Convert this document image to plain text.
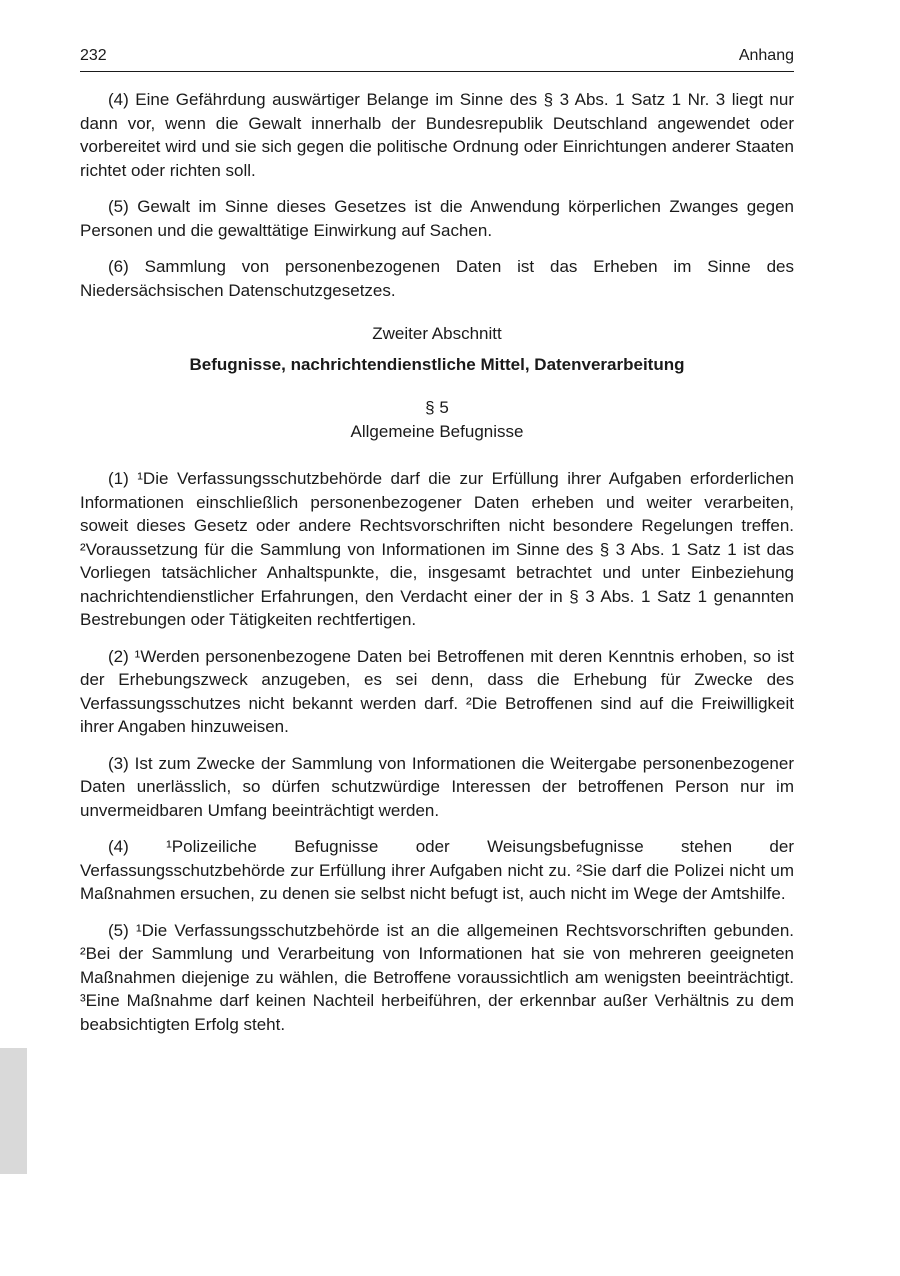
232	Anhang

(4) Eine Gefährdung auswärtiger Belange im Sinne des § 3 Abs. 1 Satz 1 Nr. 3 liegt nur dann vor, wenn die Gewalt innerhalb der Bundesrepublik Deutschland angewendet oder vorbereitet wird und sie sich gegen die politische Ordnung oder Einrichtungen anderer Staaten richtet oder richten soll.

(5) Gewalt im Sinne dieses Gesetzes ist die Anwendung körperlichen Zwanges gegen Personen und die gewalttätige Einwirkung auf Sachen.

(6) Sammlung von personenbezogenen Daten ist das Erheben im Sinne des Niedersächsischen Datenschutzgesetzes.

Zweiter Abschnitt

Befugnisse, nachrichtendienstliche Mittel, Datenverarbeitung

§ 5

Allgemeine Befugnisse

(1) ¹Die Verfassungsschutzbehörde darf die zur Erfüllung ihrer Aufgaben erforderlichen Informationen einschließlich personenbezogener Daten erheben und weiter verarbeiten, soweit dieses Gesetz oder andere Rechtsvorschriften nicht besondere Regelungen treffen. ²Voraussetzung für die Sammlung von Informationen im Sinne des § 3 Abs. 1 Satz 1 ist das Vorliegen tatsächlicher Anhaltspunkte, die, insgesamt betrachtet und unter Einbeziehung nachrichtendienstlicher Erfahrungen, den Verdacht einer der in § 3 Abs. 1 Satz 1 genannten Bestrebungen oder Tätigkeiten rechtfertigen.

(2) ¹Werden personenbezogene Daten bei Betroffenen mit deren Kenntnis erhoben, so ist der Erhebungszweck anzugeben, es sei denn, dass die Erhebung für Zwecke des Verfassungsschutzes nicht bekannt werden darf. ²Die Betroffenen sind auf die Freiwilligkeit ihrer Angaben hinzuweisen.

(3) Ist zum Zwecke der Sammlung von Informationen die Weitergabe personenbezogener Daten unerlässlich, so dürfen schutzwürdige Interessen der betroffenen Person nur im unvermeidbaren Umfang beeinträchtigt werden.

(4) ¹Polizeiliche Befugnisse oder Weisungsbefugnisse stehen der Verfassungsschutzbehörde zur Erfüllung ihrer Aufgaben nicht zu. ²Sie darf die Polizei nicht um Maßnahmen ersuchen, zu denen sie selbst nicht befugt ist, auch nicht im Wege der Amtshilfe.

(5) ¹Die Verfassungsschutzbehörde ist an die allgemeinen Rechtsvorschriften gebunden. ²Bei der Sammlung und Verarbeitung von Informationen hat sie von mehreren geeigneten Maßnahmen diejenige zu wählen, die Betroffene voraussichtlich am wenigsten beeinträchtigt. ³Eine Maßnahme darf keinen Nachteil herbeiführen, der erkennbar außer Verhältnis zu dem beabsichtigten Erfolg steht.
